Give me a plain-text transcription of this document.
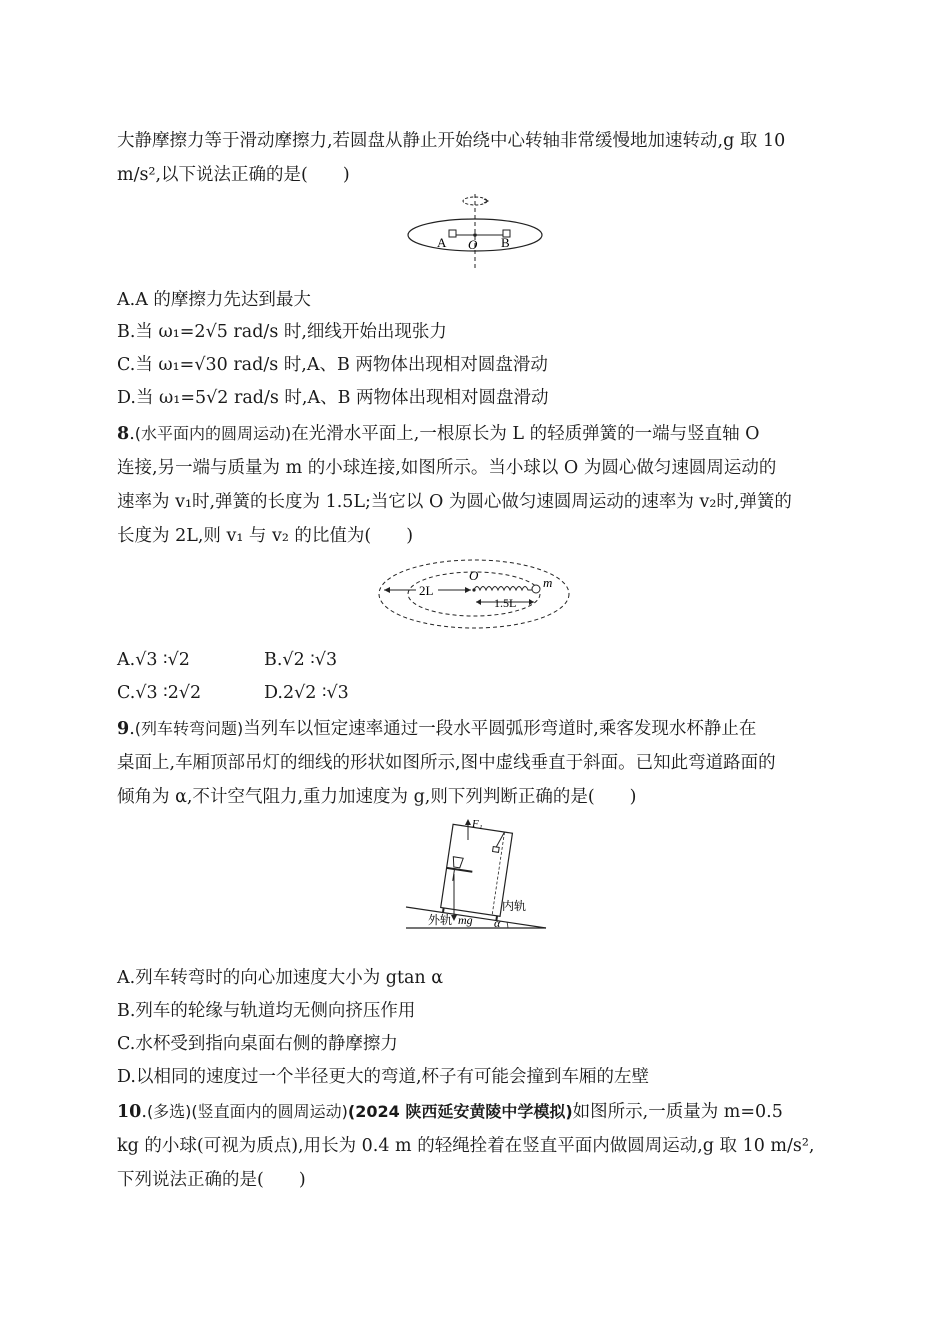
大静摩擦力等于滑动摩擦力,若圆盘从静止开始绕中心转轴非常缓慢地加速转动,g 取 10
m/s²,以下说法正确的是(　　)
A O B
A.A 的摩擦力先达到最大
B.当 ω₁=2√5 rad/s 时,细线开始出现张力
C.当 ω₁=√30 rad/s 时,A、B 两物体出现相对圆盘滑动
D.当 ω₁=5√2 rad/s 时,A、B 两物体出现相对圆盘滑动
8.(水平面内的圆周运动)在光滑水平面上,一根原长为 L 的轻质弹簧的一端与竖直轴 O
连接,另一端与质量为 m 的小球连接,如图所示。当小球以 O 为圆心做匀速圆周运动的
速率为 v₁时,弹簧的长度为 1.5L;当它以 O 为圆心做匀速圆周运动的速率为 v₂时,弹簧的
长度为 2L,则 v₁ 与 v₂ 的比值为(　　)
2L
O	m
1.5L
A.√3 ∶√2	B.√2 ∶√3
C.√3 ∶2√2	D.2√2 ∶√3
9.(列车转弯问题)当列车以恒定速率通过一段水平圆弧形弯道时,乘客发现水杯静止在
桌面上,车厢顶部吊灯的细线的形状如图所示,图中虚线垂直于斜面。已知此弯道路面的
倾角为 α,不计空气阻力,重力加速度为 g,则下列判断正确的是(　　)
α
F₁
内轨
外轨 mg
A.列车转弯时的向心加速度大小为 gtan α
B.列车的轮缘与轨道均无侧向挤压作用
C.水杯受到指向桌面右侧的静摩擦力
D.以相同的速度过一个半径更大的弯道,杯子有可能会撞到车厢的左壁
10.(多选)(竖直面内的圆周运动)(2024 陕西延安黄陵中学模拟)如图所示,一质量为 m=0.5
kg 的小球(可视为质点),用长为 0.4 m 的轻绳拴着在竖直平面内做圆周运动,g 取 10 m/s²,
下列说法正确的是(　　)
